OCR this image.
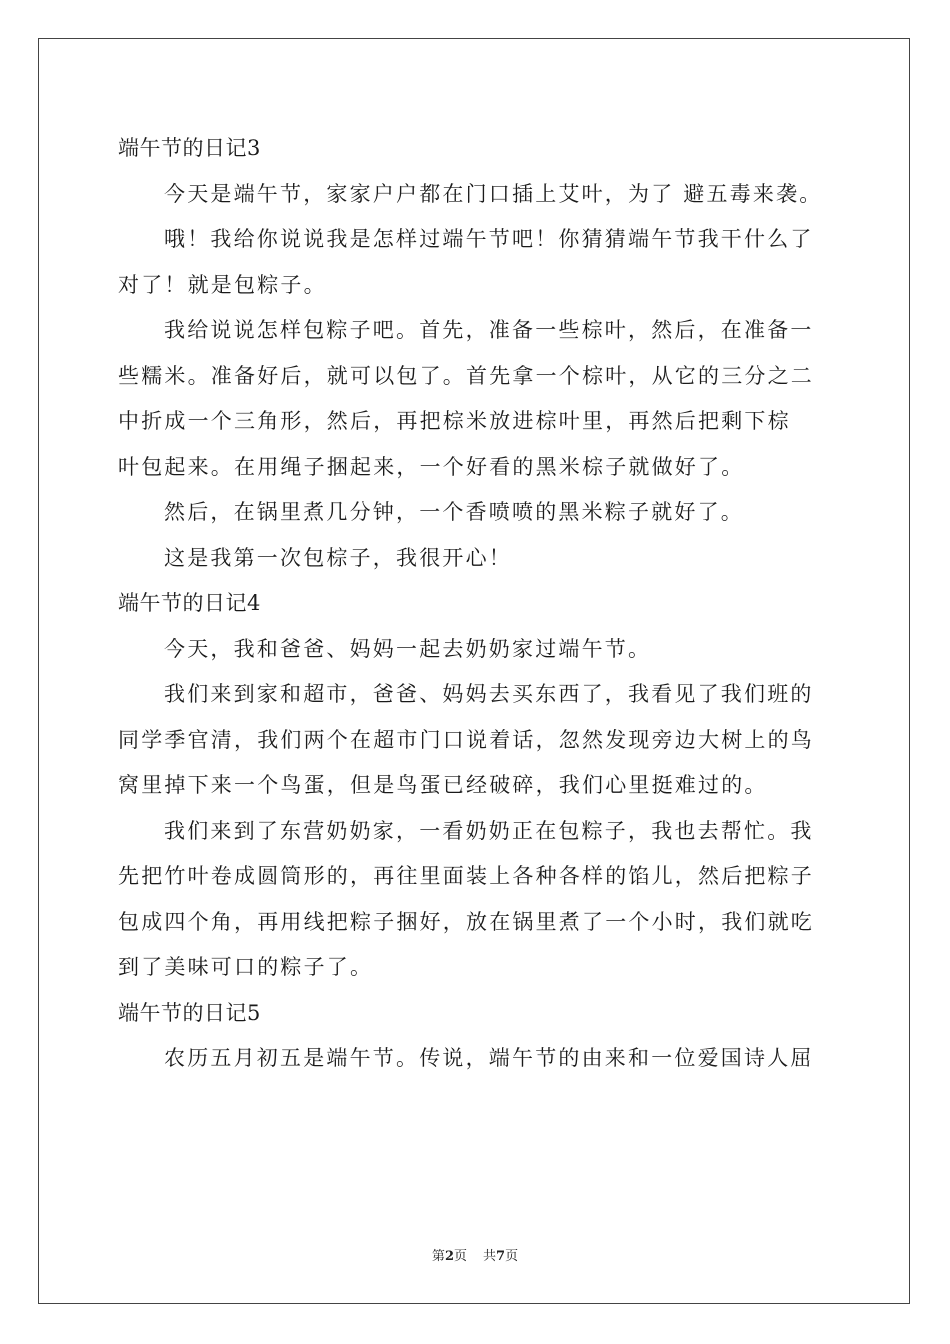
端午节的日记3
今天是端午节，家家户户都在门口插上艾叶，为了 避五毒来袭。
哦！我给你说说我是怎样过端午节吧！你猜猜端午节我干什么了
对了！就是包粽子。
我给说说怎样包粽子吧。首先，准备一些棕叶，然后，在准备一
些糯米。准备好后，就可以包了。首先拿一个棕叶，从它的三分之二
中折成一个三角形，然后，再把棕米放进棕叶里，再然后把剩下棕
叶包起来。在用绳子捆起来，一个好看的黑米棕子就做好了。
然后，在锅里煮几分钟，一个香喷喷的黑米粽子就好了。
这是我第一次包棕子，我很开心！
端午节的日记4
今天，我和爸爸、妈妈一起去奶奶家过端午节。
我们来到家和超市，爸爸、妈妈去买东西了，我看见了我们班的
同学季官清，我们两个在超市门口说着话，忽然发现旁边大树上的鸟
窝里掉下来一个鸟蛋，但是鸟蛋已经破碎，我们心里挺难过的。
我们来到了东营奶奶家，一看奶奶正在包粽子，我也去帮忙。我
先把竹叶卷成圆筒形的，再往里面装上各种各样的馅儿，然后把粽子
包成四个角，再用线把粽子捆好，放在锅里煮了一个小时，我们就吃
到了美味可口的粽子了。
端午节的日记5
农历五月初五是端午节。传说，端午节的由来和一位爱国诗人屈
第2页 共7页
